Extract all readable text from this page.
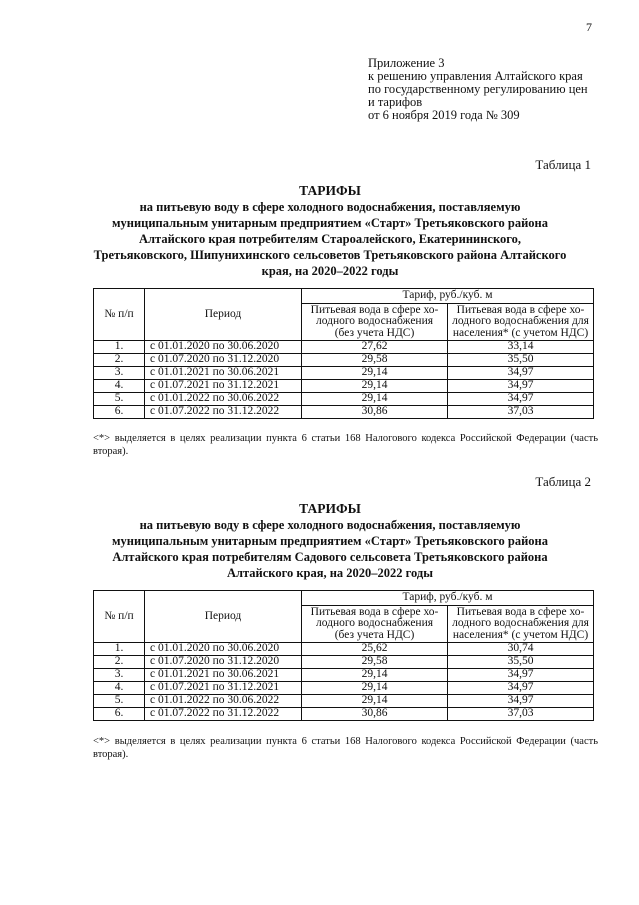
7
Приложение 3
к решению управления Алтайского края
по государственному регулированию цен
и тарифов
от 6 ноября 2019 года № 309
Таблица 1
ТАРИФЫ
на питьевую воду в сфере холодного водоснабжения, поставляемую
муниципальным унитарным предприятием «Старт» Третьяковского района
Алтайского края потребителям Староалейского, Екатерининского,
Третьяковского, Шипунихинского сельсоветов Третьяковского района Алтайского
края, на 2020–2022 годы
№ п/п	Период	Тариф, руб./куб. м	
		Питьевая вода в сфере хо-лодного водоснабжения (без учета НДС)	Питьевая вода в сфере хо-лодного водоснабжения для населения* (с учетом НДС)
1.	с 01.01.2020 по 30.06.2020	27,62	33,14
2.	с 01.07.2020 по 31.12.2020	29,58	35,50
3.	с 01.01.2021 по 30.06.2021	29,14	34,97
4.	с 01.07.2021 по 31.12.2021	29,14	34,97
5.	с 01.01.2022 по 30.06.2022	29,14	34,97
6.	с 01.07.2022 по 31.12.2022	30,86	37,03
<*> выделяется в целях реализации пункта 6 статьи 168 Налогового кодекса Российской Федерации (часть вторая).
Таблица 2
ТАРИФЫ
на питьевую воду в сфере холодного водоснабжения, поставляемую
муниципальным унитарным предприятием «Старт» Третьяковского района
Алтайского края потребителям Садового сельсовета Третьяковского района
Алтайского края, на 2020–2022 годы
№ п/п	Период	Тариф, руб./куб. м	
		Питьевая вода в сфере хо-лодного водоснабжения (без учета НДС)	Питьевая вода в сфере хо-лодного водоснабжения для населения* (с учетом НДС)
1.	с 01.01.2020 по 30.06.2020	25,62	30,74
2.	с 01.07.2020 по 31.12.2020	29,58	35,50
3.	с 01.01.2021 по 30.06.2021	29,14	34,97
4.	с 01.07.2021 по 31.12.2021	29,14	34,97
5.	с 01.01.2022 по 30.06.2022	29,14	34,97
6.	с 01.07.2022 по 31.12.2022	30,86	37,03
<*> выделяется в целях реализации пункта 6 статьи 168 Налогового кодекса Российской Федерации (часть вторая).
